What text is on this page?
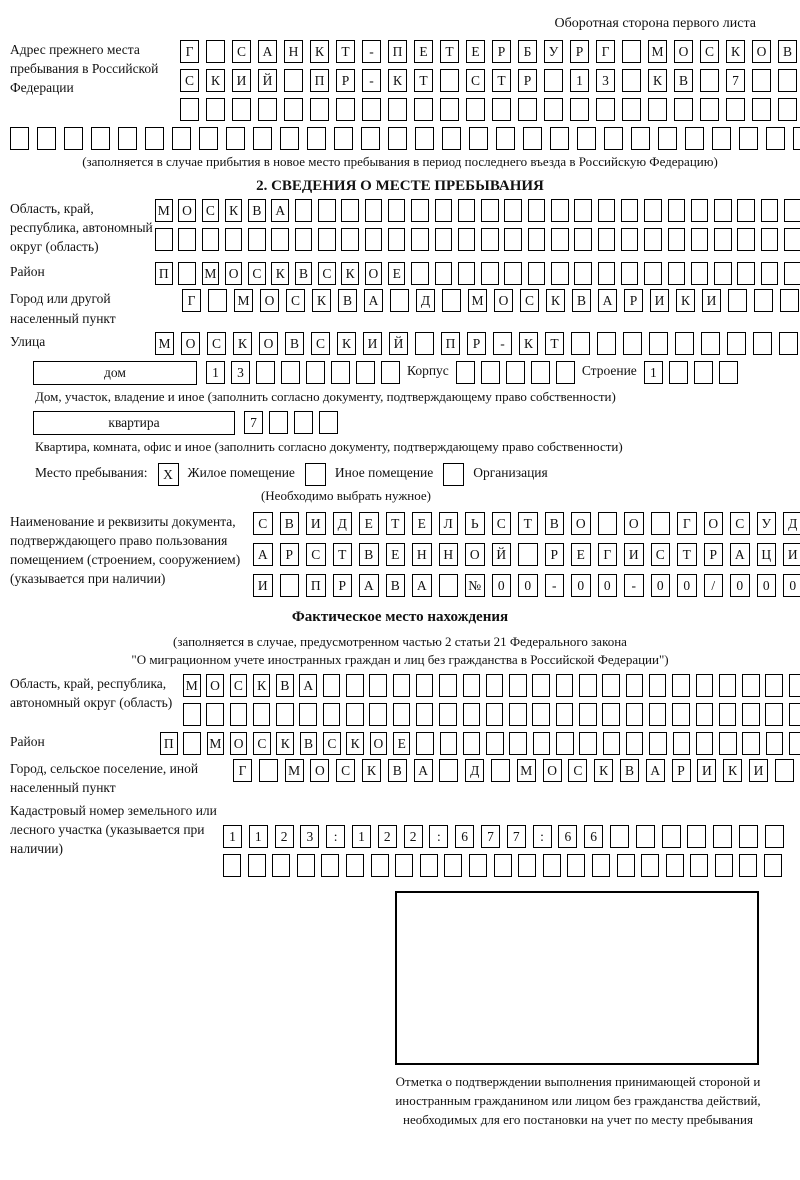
Оборотная сторона первого листа
Адрес прежнего места пребывания в Российской Федерации
Г	С	А	Н	К	Т	-	П	Е	Т	Е	Р	Б	У	Р	Г	М	О	С	К	О	В
С	К	И	Й	П	Р	-	К	Т	С	Т	Р	1	3	К	В	7
(заполняется в случае прибытия в новое место пребывания в период последнего въезда в Российскую Федерацию)
2. СВЕДЕНИЯ О МЕСТЕ ПРЕБЫВАНИЯ
Область, край, республика, автономный округ (область)
М О	С	К	В	А
Район	П	М О	С	К	В	С	К	О	Е
Город или другой населенный пункт
Г	М	О	С	К	В	А	Д	М	О	С	К	В	А	Р	И	К	И
Улица	М	О	С	К	О	В	С	К	И	Й	П	Р	-	К	Т
дом	1	3	Корпус	Строение 1
Дом, участок, владение и иное (заполнить согласно документу, подтверждающему право собственности)
квартира	7
Квартира, комната, офис и иное (заполнить согласно документу, подтверждающему право собственности)
Место пребывания:	X	Жилое помещение	Иное помещение	Организация
(Необходимо выбрать нужное)
Наименование и реквизиты документа, подтверждающего право пользования помещением (строением, сооружением) (указывается при наличии)
С	В	И	Д	Е	Т	Е	Л	Ь	С	Т	В	О	О	Г	О	С	У	Д
А	Р	С	Т	В	Е	Н	Н	О	Й	Р	Е	Г	И	С	Т	Р	А	Ц	И
И	П	Р	А	В	А	№	0	0	-	0	0	-	0	0	/	0	0	0
Фактическое место нахождения
(заполняется в случае, предусмотренном частью 2 статьи 21 Федерального закона
"О миграционном учете иностранных граждан и лиц без гражданства в Российской Федерации")
Область, край, республика, автономный округ (область)
М О	С	К	В	А
Район	П	М О	С	К	В	С	К	О	Е
Город, сельское поселение, иной населенный пункт
Г	М	О	С	К	В	А	Д	М	О	С	К	В	А	Р	И	К	И
Кадастровый номер земельного или лесного участка (указывается при наличии)
1	1	2	3	:	1	2	2	:	6	7	7	:	6	6
Отметка о подтверждении выполнения принимающей стороной и иностранным гражданином или лицом без гражданства действий, необходимых для его постановки на учет по месту пребывания
